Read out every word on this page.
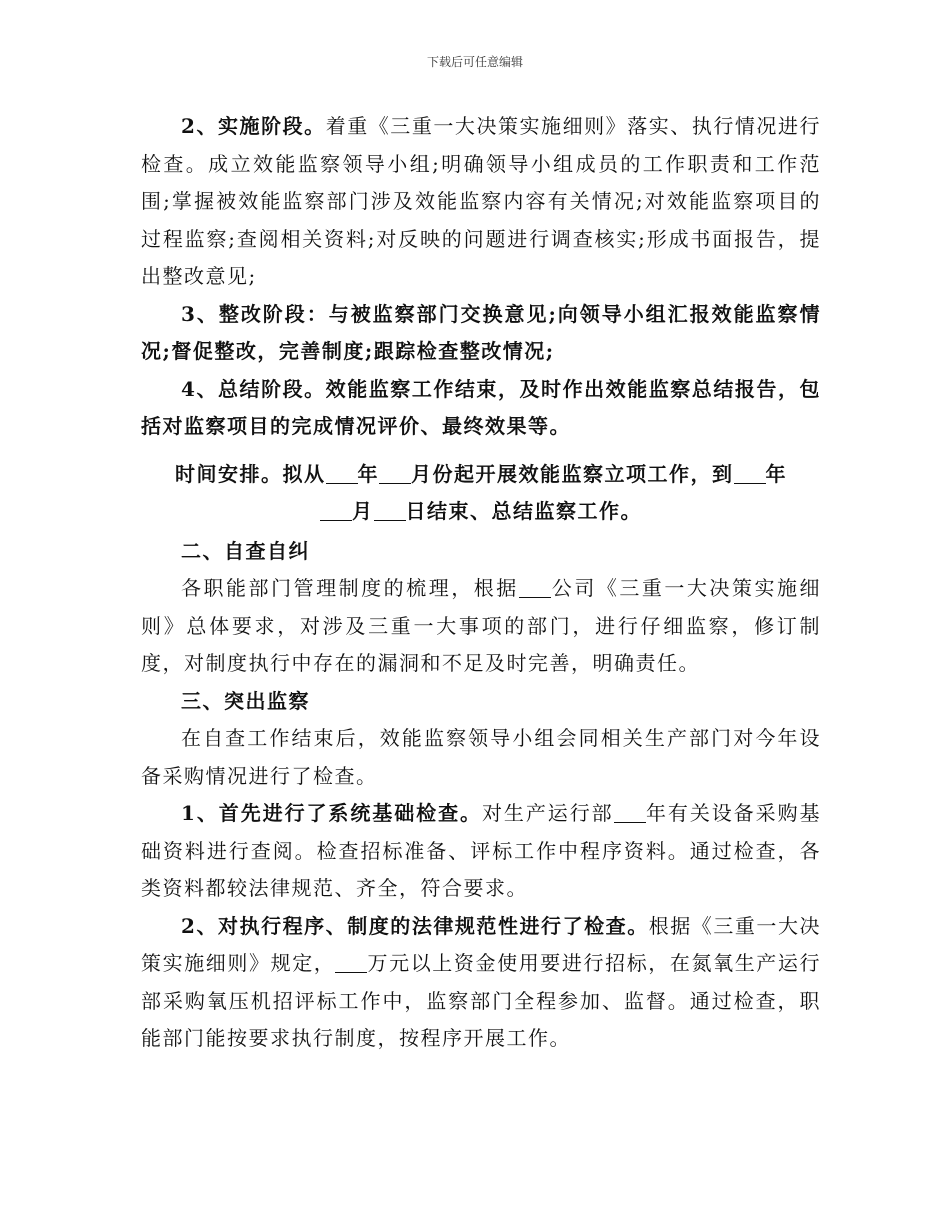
下载后可任意编辑

2、实施阶段。着重《三重一大决策实施细则》落实、执行情况进行检查。成立效能监察领导小组;明确领导小组成员的工作职责和工作范围;掌握被效能监察部门涉及效能监察内容有关情况;对效能监察项目的过程监察;查阅相关资料;对反映的问题进行调查核实;形成书面报告，提出整改意见;

3、整改阶段：与被监察部门交换意见;向领导小组汇报效能监察情况;督促整改，完善制度;跟踪检查整改情况;

4、总结阶段。效能监察工作结束，及时作出效能监察总结报告，包括对监察项目的完成情况评价、最终效果等。

时间安排。拟从 年 月份起开展效能监察立项工作，到 年
月 日结束、总结监察工作。

二、自查自纠

各职能部门管理制度的梳理，根据 公司《三重一大决策实施细则》总体要求，对涉及三重一大事项的部门，进行仔细监察，修订制度，对制度执行中存在的漏洞和不足及时完善，明确责任。

三、突出监察

在自查工作结束后，效能监察领导小组会同相关生产部门对今年设备采购情况进行了检查。

1、首先进行了系统基础检查。对生产运行部 年有关设备采购基础资料进行查阅。检查招标准备、评标工作中程序资料。通过检查，各类资料都较法律规范、齐全，符合要求。

2、对执行程序、制度的法律规范性进行了检查。根据《三重一大决策实施细则》规定， 万元以上资金使用要进行招标，在氮氧生产运行部采购氧压机招评标工作中，监察部门全程参加、监督。通过检查，职能部门能按要求执行制度，按程序开展工作。
